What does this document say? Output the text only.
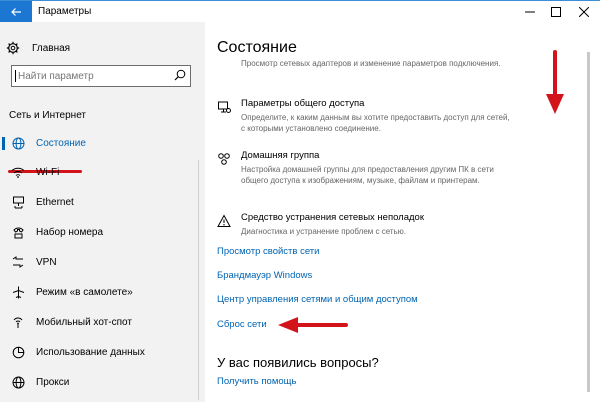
Параметры
Главная
Найти параметр
Сеть и Интернет
Состояние
Wi-Fi
Ethernet
Набор номера
VPN
Режим «в самолете»
Мобильный хот-спот
Использование данных
Прокси
Состояние
Просмотр сетевых адаптеров и изменение параметров подключения.
Параметры общего доступа
Определите, к каким данным вы хотите предоставить доступ для сетей, с которыми установлено соединение.
Домашняя группа
Настройка домашней группы для предоставления другим ПК в сети общего доступа к изображениям, музыке, файлам и принтерам.
Средство устранения сетевых неполадок
Диагностика и устранение проблем с сетью.
Просмотр свойств сети
Брандмауэр Windows
Центр управления сетями и общим доступом
Сброс сети
У вас появились вопросы?
Получить помощь
